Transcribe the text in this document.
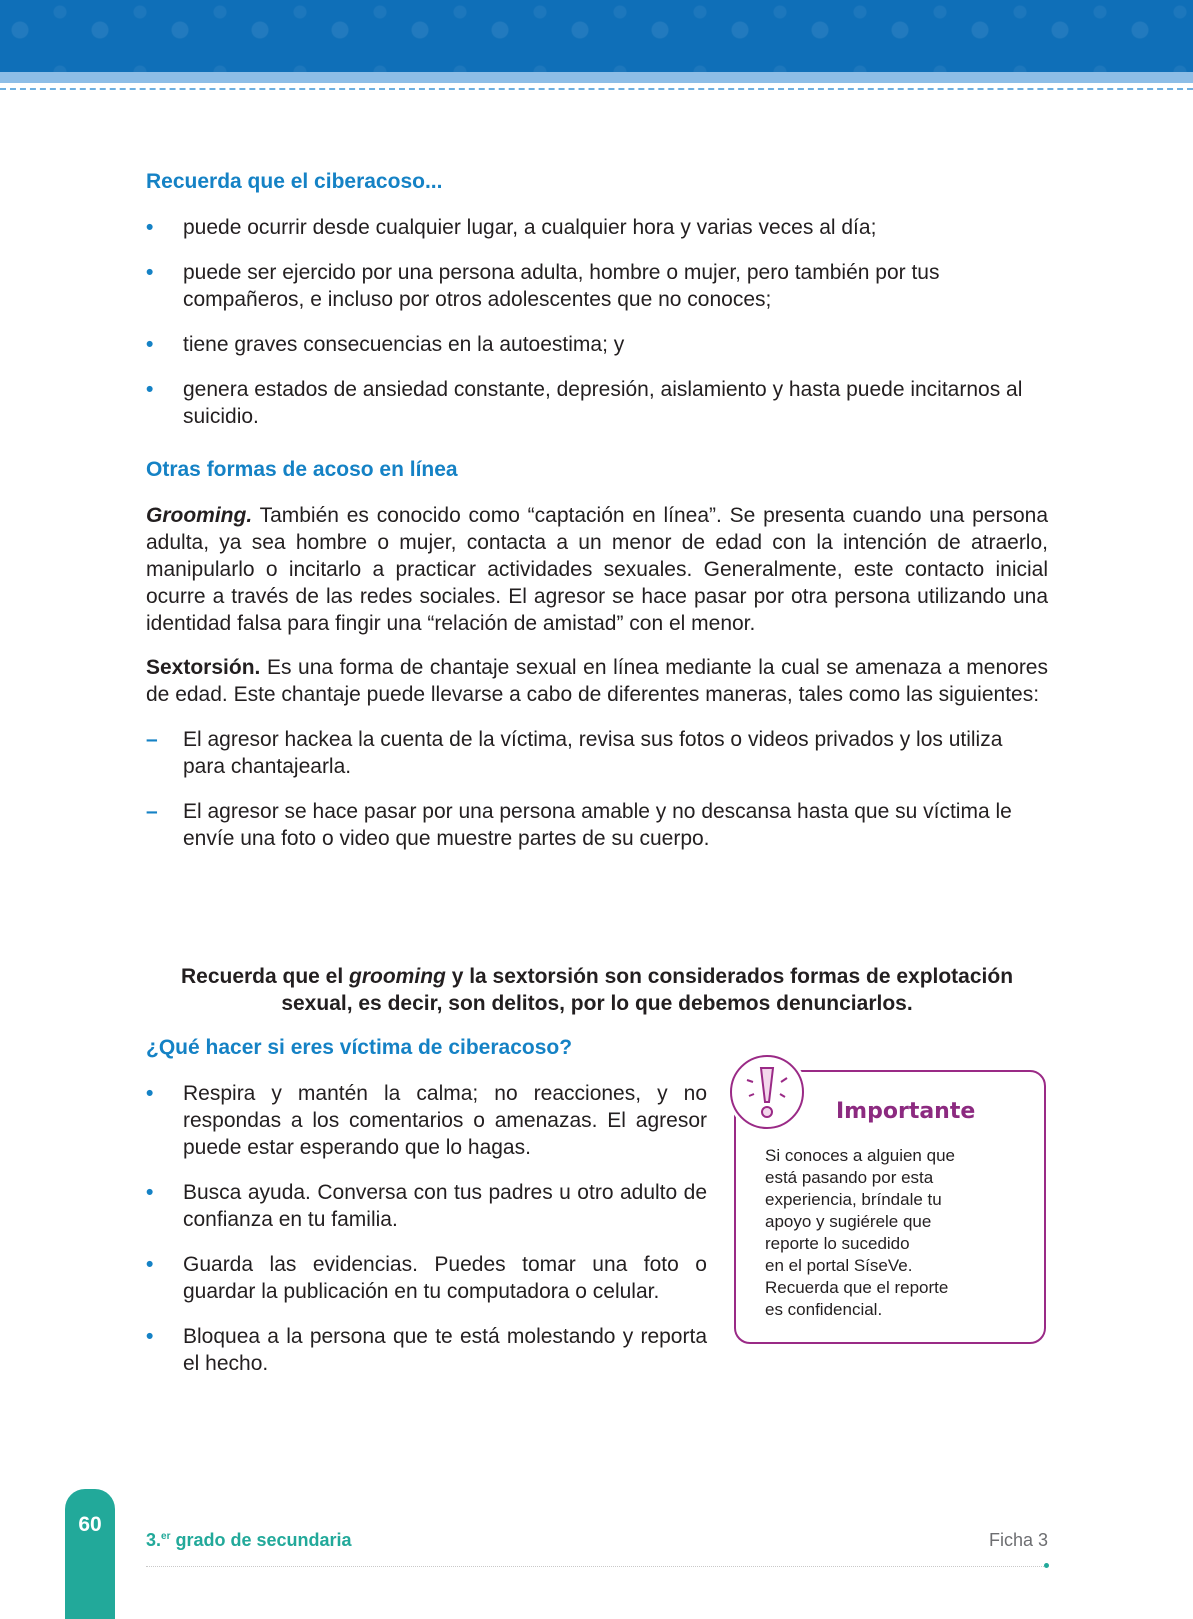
Recuerda que el ciberacoso...

• puede ocurrir desde cualquier lugar, a cualquier hora y varias veces al día;

• puede ser ejercido por una persona adulta, hombre o mujer, pero también por tus compañeros, e incluso por otros adolescentes que no conoces;

• tiene graves consecuencias en la autoestima; y

• genera estados de ansiedad constante, depresión, aislamiento y hasta puede incitarnos al suicidio.

Otras formas de acoso en línea

Grooming. También es conocido como “captación en línea”. Se presenta cuando una persona adulta, ya sea hombre o mujer, contacta a un menor de edad con la intención de atraerlo, manipularlo o incitarlo a practicar actividades sexuales. Generalmente, este contacto inicial ocurre a través de las redes sociales. El agresor se hace pasar por otra persona utilizando una identidad falsa para fingir una “relación de amistad” con el menor.

Sextorsión. Es una forma de chantaje sexual en línea mediante la cual se amenaza a menores de edad. Este chantaje puede llevarse a cabo de diferentes maneras, tales como las siguientes:

– El agresor hackea la cuenta de la víctima, revisa sus fotos o videos privados y los utiliza para chantajearla.

– El agresor se hace pasar por una persona amable y no descansa hasta que su víctima le envíe una foto o video que muestre partes de su cuerpo.

Recuerda que el grooming y la sextorsión son considerados formas de explotación sexual, es decir, son delitos, por lo que debemos denunciarlos.

¿Qué hacer si eres víctima de ciberacoso?

• Respira y mantén la calma; no reacciones, y no respondas a los comentarios o amenazas. El agresor puede estar esperando que lo hagas.

• Busca ayuda. Conversa con tus padres u otro adulto de confianza en tu familia.

• Guarda las evidencias. Puedes tomar una foto o guardar la publicación en tu computadora o celular.

• Bloquea a la persona que te está molestando y reporta el hecho.

Importante
Si conoces a alguien que
está pasando por esta
experiencia, bríndale tu
apoyo y sugiérele que
reporte lo sucedido
en el portal SíseVe.
Recuerda que el reporte
es confidencial.
60
3.$^{er}$ grado de secundaria	Ficha 3
